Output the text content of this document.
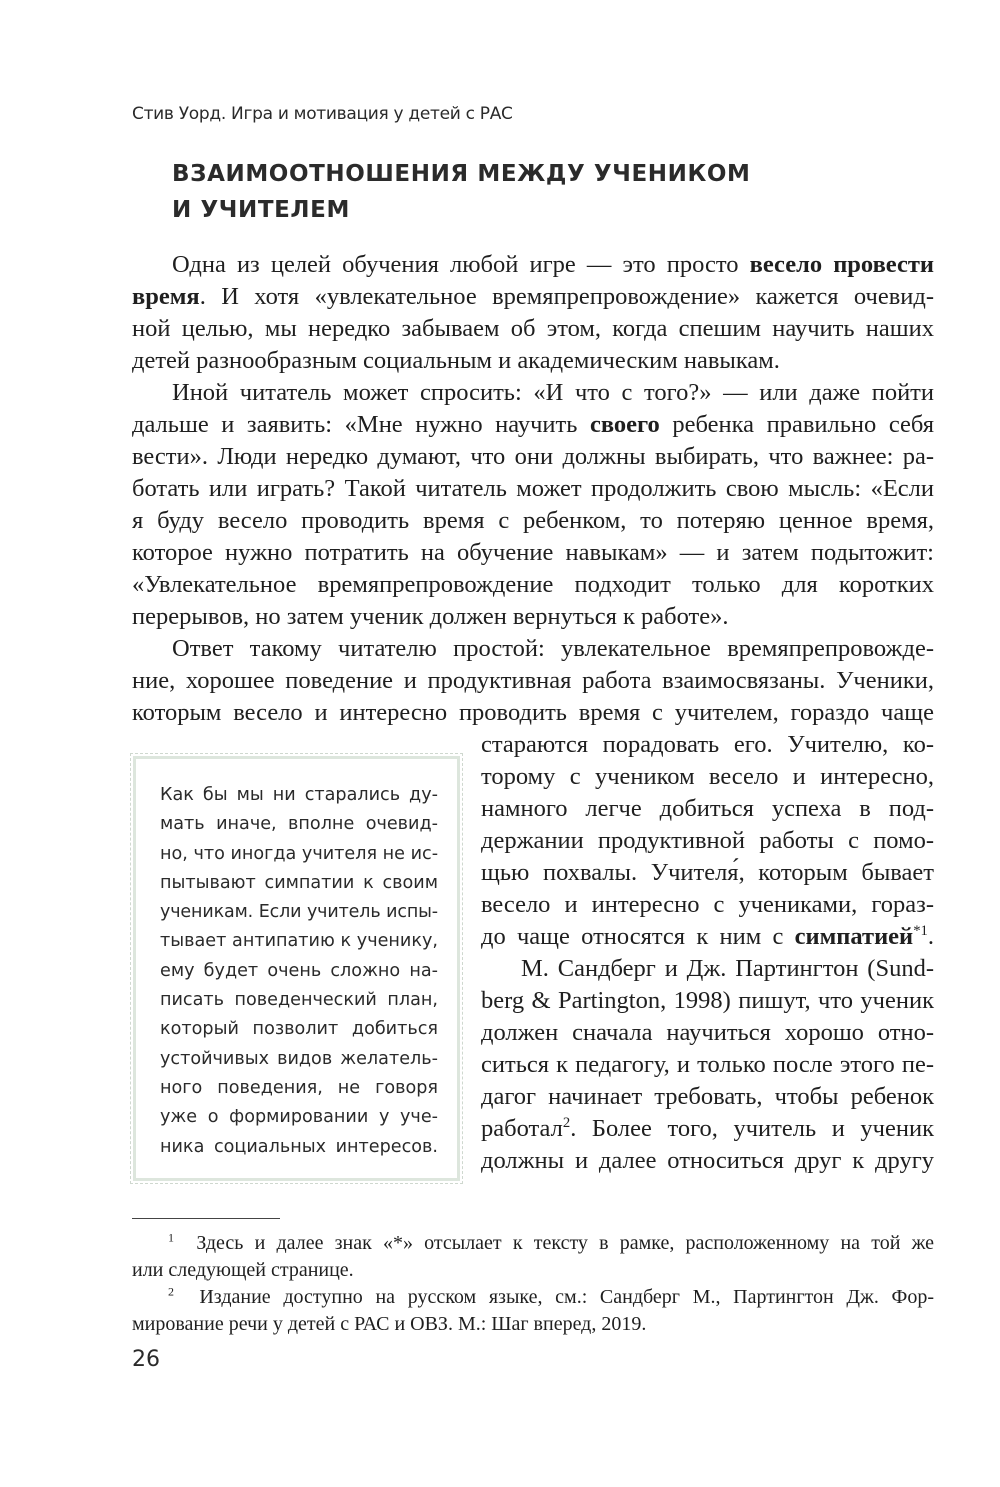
Стив Уорд. Игра и мотивация у детей с РАС
ВЗАИМООТНОШЕНИЯ МЕЖДУ УЧЕНИКОМ
И УЧИТЕЛЕМ
Одна из целей обучения любой игре — это просто весело провести
время. И хотя «увлекательное времяпрепровождение» кажется очевид-
ной целью, мы нередко забываем об этом, когда спешим научить наших
детей разнообразным социальным и академическим навыкам.
Иной читатель может спросить: «И что с того?» — или даже пойти
дальше и заявить: «Мне нужно научить своего ребенка правильно себя
вести». Люди нередко думают, что они должны выбирать, что важнее: ра-
ботать или играть? Такой читатель может продолжить свою мысль: «Если
я буду весело проводить время с ребенком, то потеряю ценное время,
которое нужно потратить на обучение навыкам» — и затем подытожит:
«Увлекательное времяпрепровождение подходит только для коротких
перерывов, но затем ученик должен вернуться к работе».
Ответ такому читателю простой: увлекательное времяпрепровожде-
ние, хорошее поведение и продуктивная работа взаимосвязаны. Ученики,
которым весело и интересно проводить время с учителем, гораздо чаще
стараются порадовать его. Учителю, ко-
торому с учеником весело и интересно,
намного легче добиться успеха в под-
держании продуктивной работы с помо-
щью похвалы. Учителя́, которым бывает
весело и интересно с учениками, гораз-
до чаще относятся к ним с симпатией$^{*1}$.
М. Сандберг и Дж. Партингтон (Sund-
berg & Partington, 1998) пишут, что ученик
должен сначала научиться хорошо отно-
ситься к педагогу, и только после этого пе-
дагог начинает требовать, чтобы ребенок
работал$^2$. Более того, учитель и ученик
должны и далее относиться друг к другу
Как бы мы ни старались ду-
мать иначе, вполне очевид-
но, что иногда учителя не ис-
пытывают симпатии к своим
ученикам. Если учитель испы-
тывает антипатию к ученику,
ему будет очень сложно на-
писать поведенческий план,
который позволит добиться
устойчивых видов желатель-
ного поведения, не говоря
уже о формировании у уче-
ника социальных интересов.
$^1$ Здесь и далее знак «*» отсылает к тексту в рамке, расположенному на той же
или следующей странице.
$^2$ Издание доступно на русском языке, см.: Сандберг М., Партингтон Дж. Фор-
мирование речи у детей с РАС и ОВЗ. М.: Шаг вперед, 2019.
26
